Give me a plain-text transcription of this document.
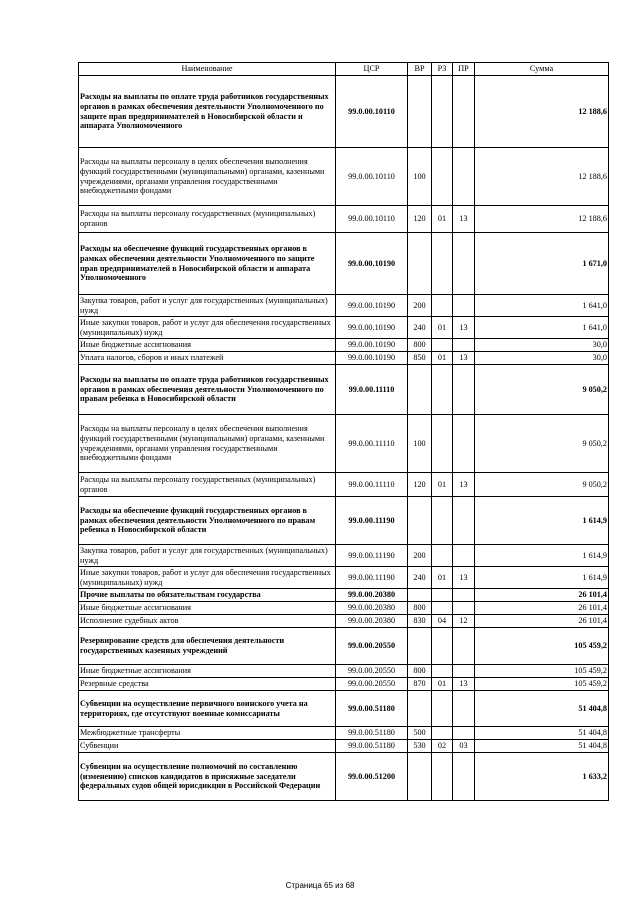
Наименование	ЦСР	ВР	РЗ	ПР	Сумма
Расходы на выплаты по оплате труда работников государственных органов в рамках обеспечения деятельности Уполномоченного по защите прав предпринимателей в Новосибирской области и аппарата Уполномоченного	99.0.00.10110				12 188,6
Расходы на выплаты персоналу в целях обеспечения выполнения функций государственными (муниципальными) органами, казенными учреждениями, органами управления государственными внебюджетными фондами	99.0.00.10110	100			12 188,6
Расходы на выплаты персоналу государственных (муниципальных) органов	99.0.00.10110	120	01	13	12 188,6
Расходы на обеспечение функций государственных органов в рамках обеспечения деятельности Уполномоченного по защите прав предпринимателей в Новосибирской области и аппарата Уполномоченного	99.0.00.10190				1 671,0
Закупка товаров, работ и услуг для государственных (муниципальных) нужд	99.0.00.10190	200			1 641,0
Иные закупки товаров, работ и услуг для обеспечения государственных (муниципальных) нужд	99.0.00.10190	240	01	13	1 641,0
Иные бюджетные ассигнования	99.0.00.10190	800			30,0
Уплата налогов, сборов и иных платежей	99.0.00.10190	850	01	13	30,0
Расходы на выплаты по оплате труда работников государственных органов в рамках обеспечения деятельности Уполномоченного по правам ребенка в Новосибирской области	99.0.00.11110				9 050,2
Расходы на выплаты персоналу в целях обеспечения выполнения функций государственными (муниципальными) органами, казенными учреждениями, органами управления государственными внебюджетными фондами	99.0.00.11110	100			9 050,2
Расходы на выплаты персоналу государственных (муниципальных) органов	99.0.00.11110	120	01	13	9 050,2
Расходы на обеспечение функций государственных органов в рамках обеспечения деятельности Уполномоченного по правам ребенка в Новосибирской области	99.0.00.11190				1 614,9
Закупка товаров, работ и услуг для государственных (муниципальных) нужд	99.0.00.11190	200			1 614,9
Иные закупки товаров, работ и услуг для обеспечения государственных (муниципальных) нужд	99.0.00.11190	240	01	13	1 614,9
Прочие выплаты по обязательствам государства	99.0.00.20380				26 101,4
Иные бюджетные ассигнования	99.0.00.20380	800			26 101,4
Исполнение судебных актов	99.0.00.20380	830	04	12	26 101,4
Резервирование средств для обеспечения деятельности государственных казенных учреждений	99.0.00.20550				105 459,2
Иные бюджетные ассигнования	99.0.00.20550	800			105 459,2
Резервные средства	99.0.00.20550	870	01	13	105 459,2
Субвенции на осуществление первичного воинского учета на территориях, где отсутствуют военные комиссариаты	99.0.00.51180				51 404,8
Межбюджетные трансферты	99.0.00.51180	500			51 404,8
Субвенции	99.0.00.51180	530	02	03	51 404,8
Субвенции на осуществление полномочий по составлению (изменению) списков кандидатов в присяжные заседатели федеральных судов общей юрисдикции в Российской Федерации	99.0.00.51200				1 633,2
Страница 65 из 68
